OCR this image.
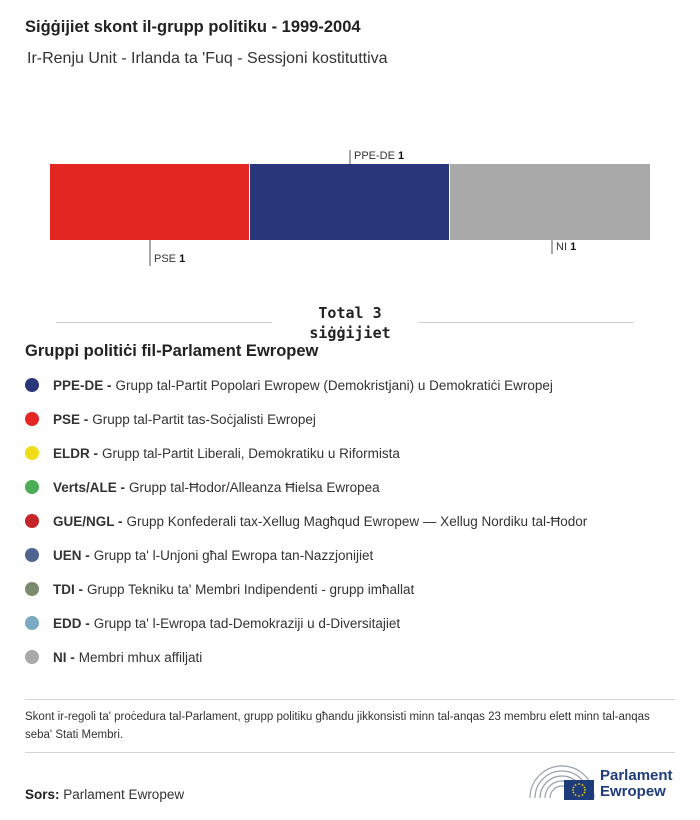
Siġġijiet skont il-grupp politiku - 1999-2004
Ir-Renju Unit - Irlanda ta 'Fuq - Sessjoni kostituttiva
PSE 1
PPE-DE 1
NI 1
Total 3
siġġijiet
Gruppi politiċi fil-Parlament Ewropew
PPE-DE - Grupp tal-Partit Popolari Ewropew (Demokristjani) u Demokratiċi Ewropej
PSE - Grupp tal-Partit tas-Soċjalisti Ewropej
ELDR - Grupp tal-Partit Liberali, Demokratiku u Riformista
Verts/ALE - Grupp tal-Ħodor/Alleanza Ħielsa Ewropea
GUE/NGL - Grupp Konfederali tax-Xellug Magħqud Ewropew — Xellug Nordiku tal-Ħodor
UEN - Grupp ta' l-Unjoni għal Ewropa tan-Nazzjonijiet
TDI - Grupp Tekniku ta' Membri Indipendenti - grupp imħallat
EDD - Grupp ta' l-Ewropa tad-Demokraziji u d-Diversitajiet
NI - Membri mhux affiljati
Skont ir-regoli ta' proċedura tal-Parlament, grupp politiku għandu jikkonsisti minn tal-anqas 23 membru elett minn tal-anqas seba' Stati Membri.
Sors: Parlament Ewropew
Parlament
Ewropew
